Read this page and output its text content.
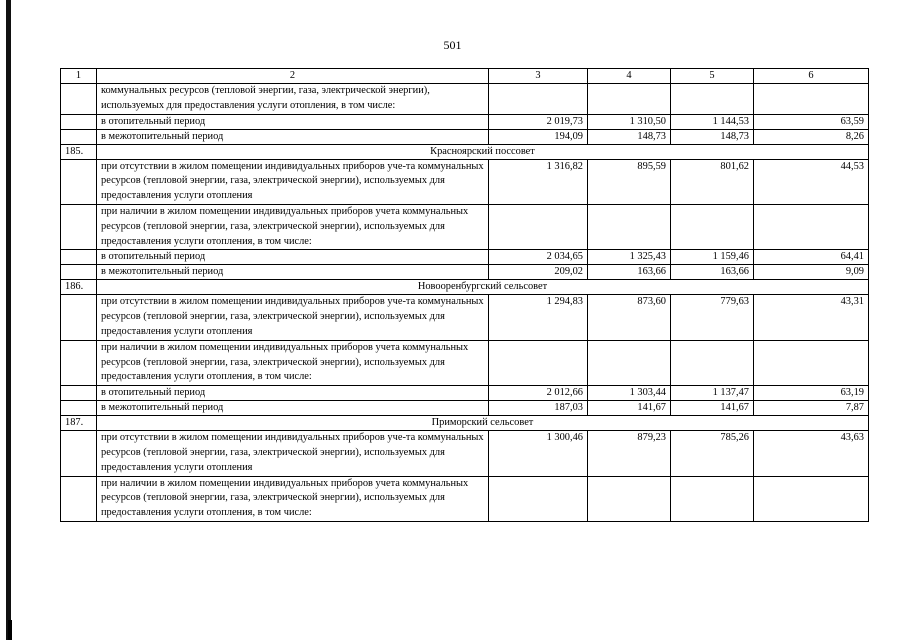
501
1	2	3	4	5	6
	коммунальных ресурсов (тепловой энергии, газа, электрической энергии), используемых для предоставления услуги отопления, в том числе:				
	в отопительный период	2 019,73	1 310,50	1 144,53	63,59
	в межотопительный период	194,09	148,73	148,73	8,26
185.	Красноярский поссовет				
	при отсутствии в жилом помещении индивидуальных приборов уче-та коммунальных ресурсов (тепловой энергии, газа, электрической энергии), используемых для предоставления услуги отопления	1 316,82	895,59	801,62	44,53
	при наличии в жилом помещении индивидуальных приборов учета коммунальных ресурсов (тепловой энергии, газа, электрической энергии), используемых для предоставления услуги отопления, в том числе:				
	в отопительный период	2 034,65	1 325,43	1 159,46	64,41
	в межотопительный период	209,02	163,66	163,66	9,09
186.	Новооренбургский сельсовет				
	при отсутствии в жилом помещении индивидуальных приборов уче-та коммунальных ресурсов (тепловой энергии, газа, электрической энергии), используемых для предоставления услуги отопления	1 294,83	873,60	779,63	43,31
	при наличии в жилом помещении индивидуальных приборов учета коммунальных ресурсов (тепловой энергии, газа, электрической энергии), используемых для предоставления услуги отопления, в том числе:				
	в отопительный период	2 012,66	1 303,44	1 137,47	63,19
	в межотопительный период	187,03	141,67	141,67	7,87
187.	Приморский сельсовет				
	при отсутствии в жилом помещении индивидуальных приборов уче-та коммунальных ресурсов (тепловой энергии, газа, электрической энергии), используемых для предоставления услуги отопления	1 300,46	879,23	785,26	43,63
	при наличии в жилом помещении индивидуальных приборов учета коммунальных ресурсов (тепловой энергии, газа, электрической энергии), используемых для предоставления услуги отопления, в том числе:				
